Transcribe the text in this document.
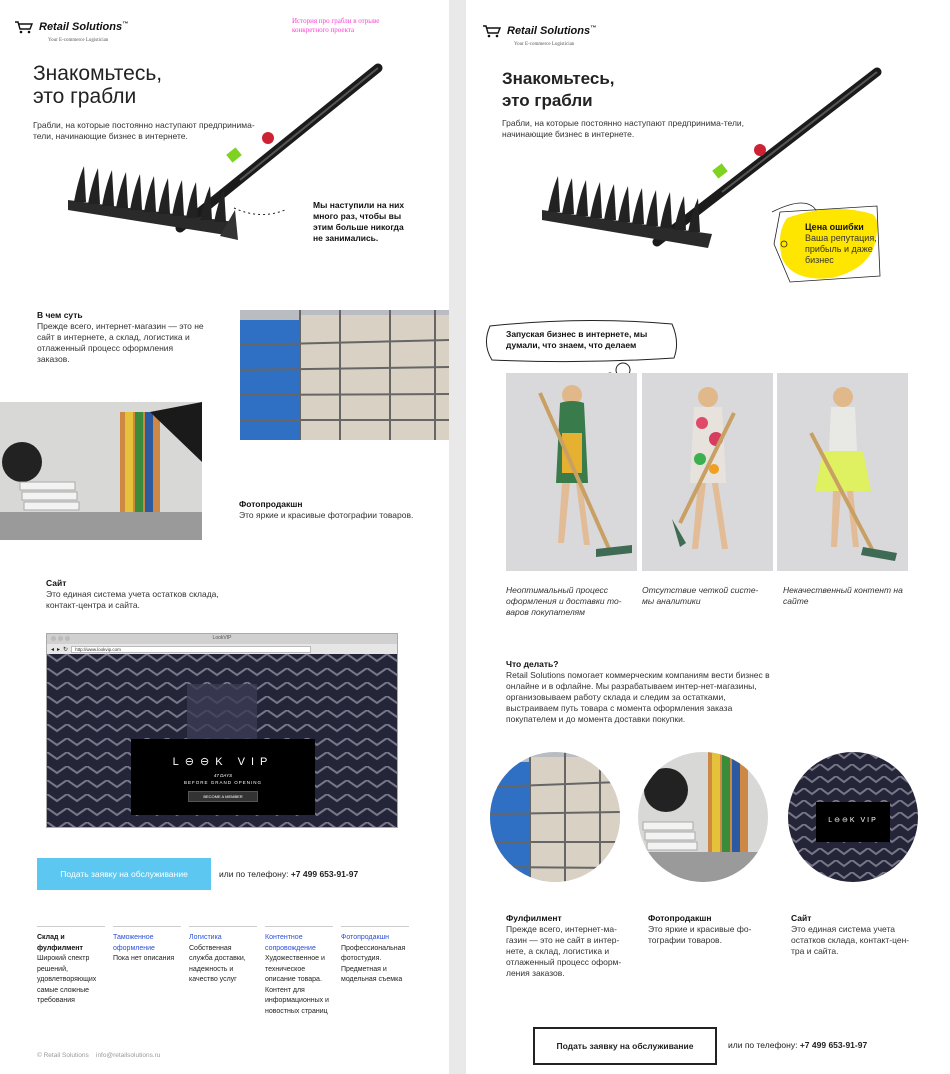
Retail Solutions™
Your E-commerce Logistician
История про грабли в отрыве конкретного проекта
Знакомьтесь,
это грабли
Грабли, на которые постоянно наступают предпринима-тели, начинающие бизнес в интернете.
Мы наступили на них много раз, чтобы вы этим больше никогда не занимались.
В чем суть
Прежде всего, интернет-магазин — это не сайт в интернете, а склад, логистика и отлаженный процесс оформления заказов.
Фотопродакшн
Это яркие и красивые фотографии товаров.
Сайт
Это единая система учета остатков склада, контакт-центра и сайта.
LookVIP
◂ ▸ ↻	http://www.lookvip.com
L⊖⊖K VIP
47 DAYS
BEFORE GRAND OPENING
BECOME A MEMBER
Подать заявку на обслуживание	или по телефону: +7 499 653-91-97
Склад и фулфилмент
Широкий спектр решений, удовлетворяющих самые сложные требования
Таможенное оформление
Пока нет описания
Логистика
Собственная служба доставки, надежность и качество услуг
Контентное сопровождение
Художественное и техническое описание товара. Контент для информационных и новостных страниц
Фотопродакшн
Профессиональная фотостудия. Предметная и модельная съемка
© Retail Solutions info@retailsolutions.ru
Retail Solutions™
Your E-commerce Logistician
Знакомьтесь,
это грабли
Грабли, на которые постоянно наступают предпринима-тели, начинающие бизнес в интернете.
Цена ошибки
Ваша репутация, прибыль и даже бизнес
Запуская бизнес в интернете, мы думали, что знаем, что делаем
Неоптимальный процесс оформления и доставки то-варов покупателям
Отсутствие четкой систе-мы аналитики
Некачественный контент на сайте
Что делать?
Retail Solutions помогает коммерческим компаниям вести бизнес в онлайне и в офлайне. Мы разрабатываем интер-нет-магазины, организовываем работу склада и следим за остатками, выстраиваем путь товара с момента оформления заказа покупателем и до момента доставки покупки.
L⊖⊖K VIP
Фулфилмент
Прежде всего, интернет-ма-газин — это не сайт в интер-нете, а склад, логистика и отлаженный процесс оформ-ления заказов.
Фотопродакшн
Это яркие и красивые фо-тографии товаров.
Сайт
Это единая система учета остатков склада, контакт-цен-тра и сайта.
Подать заявку на обслуживание	или по телефону: +7 499 653-91-97
